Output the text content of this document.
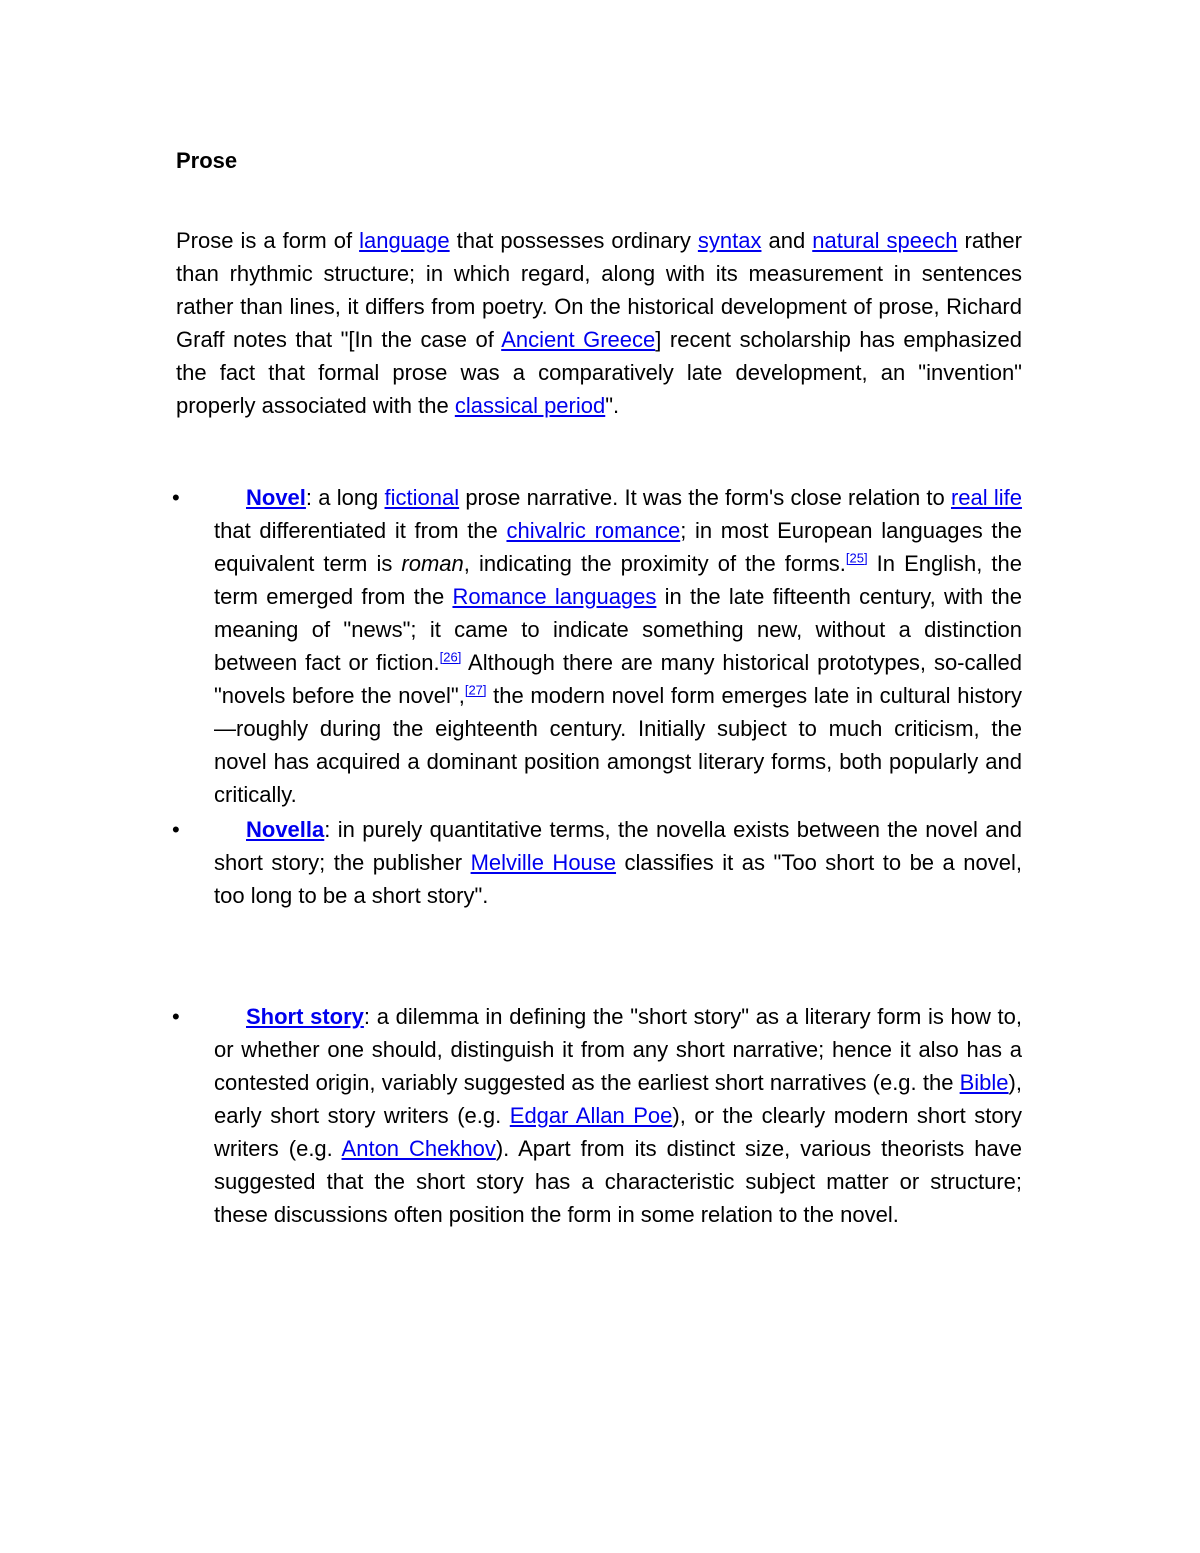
Prose

Prose is a form of language that possesses ordinary syntax and natural speech rather than rhythmic structure; in which regard, along with its measurement in sentences rather than lines, it differs from poetry. On the historical development of prose, Richard Graff notes that "[In the case of Ancient Greece] recent scholarship has emphasized the fact that formal prose was a comparatively late development, an "invention" properly associated with the classical period".

•	Novel: a long fictional prose narrative. It was the form's close relation to real life that differentiated it from the chivalric romance; in most European languages the equivalent term is roman, indicating the proximity of the forms.[25] In English, the term emerged from the Romance languages in the late fifteenth century, with the meaning of "news"; it came to indicate something new, without a distinction between fact or fiction.[26] Although there are many historical prototypes, so-called "novels before the novel",[27] the modern novel form emerges late in cultural history—roughly during the eighteenth century. Initially subject to much criticism, the novel has acquired a dominant position amongst literary forms, both popularly and critically.

•	Novella: in purely quantitative terms, the novella exists between the novel and short story; the publisher Melville House classifies it as "Too short to be a novel, too long to be a short story".

•	Short story: a dilemma in defining the "short story" as a literary form is how to, or whether one should, distinguish it from any short narrative; hence it also has a contested origin, variably suggested as the earliest short narratives (e.g. the Bible), early short story writers (e.g. Edgar Allan Poe), or the clearly modern short story writers (e.g. Anton Chekhov). Apart from its distinct size, various theorists have suggested that the short story has a characteristic subject matter or structure; these discussions often position the form in some relation to the novel.
